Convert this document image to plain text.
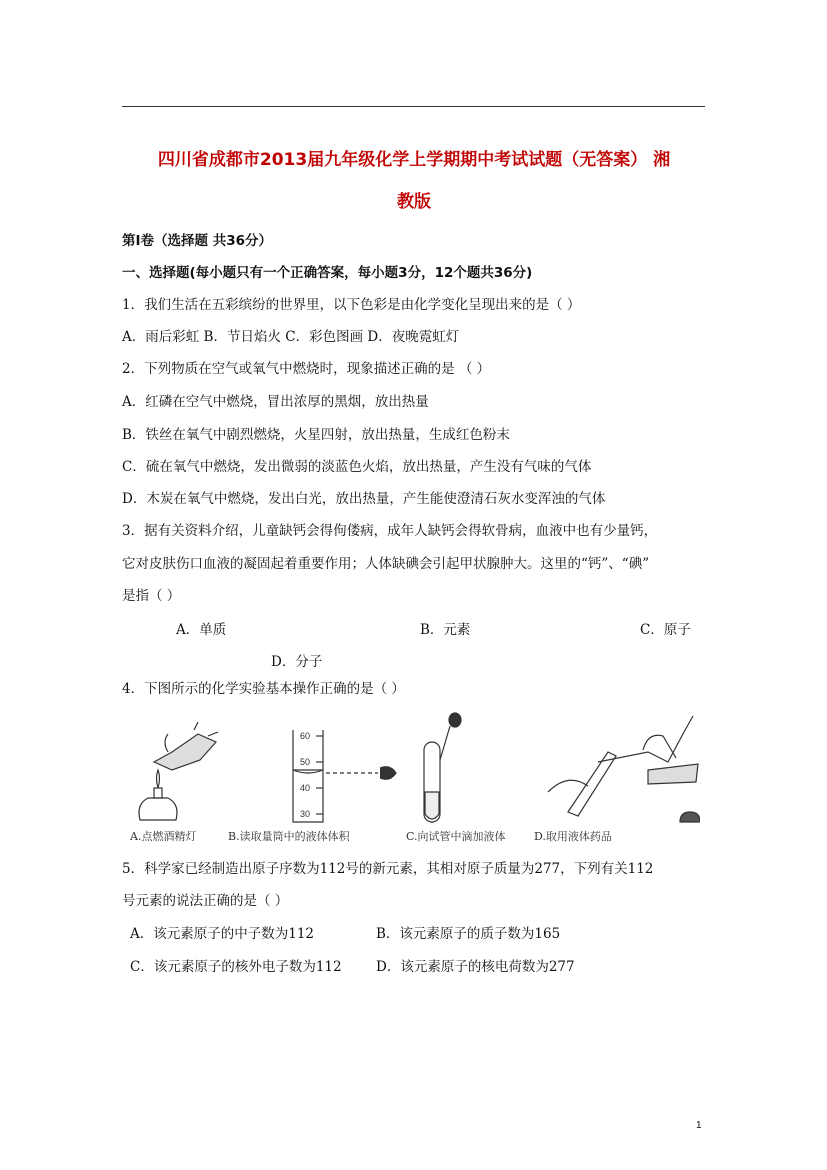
四川省成都市2013届九年级化学上学期期中考试试题（无答案） 湘
教版
第Ⅰ卷（选择题 共36分）
一、选择题(每小题只有一个正确答案，每小题3分，12个题共36分)
1．我们生活在五彩缤纷的世界里，以下色彩是由化学变化呈现出来的是（ ）
A．雨后彩虹 B．节日焰火 C．彩色图画 D．夜晚霓虹灯
2．下列物质在空气或氧气中燃烧时，现象描述正确的是 （ ）
A．红磷在空气中燃烧，冒出浓厚的黑烟，放出热量
B．铁丝在氧气中剧烈燃烧，火星四射，放出热量，生成红色粉末
C．硫在氧气中燃烧，发出微弱的淡蓝色火焰，放出热量，产生没有气味的气体
D．木炭在氧气中燃烧，发出白光，放出热量，产生能使澄清石灰水变浑浊的气体
3．据有关资料介绍，儿童缺钙会得佝偻病，成年人缺钙会得软骨病，血液中也有少量钙，
它对皮肤伤口血液的凝固起着重要作用；人体缺碘会引起甲状腺肿大。这里的“钙”、“碘”
是指（ ）
A．单质	B．元素	C．原子
D．分子
4．下图所示的化学实验基本操作正确的是（ ）
60
50
40
30
A.点燃酒精灯	B.读取量筒中的液体体积	C.向试管中滴加液体	D.取用液体药品
5．科学家已经制造出原子序数为112号的新元素，其相对原子质量为277，下列有关112
号元素的说法正确的是（ ）
A．该元素原子的中子数为112	B．该元素原子的质子数为165
C．该元素原子的核外电子数为112	D．该元素原子的核电荷数为277
1
